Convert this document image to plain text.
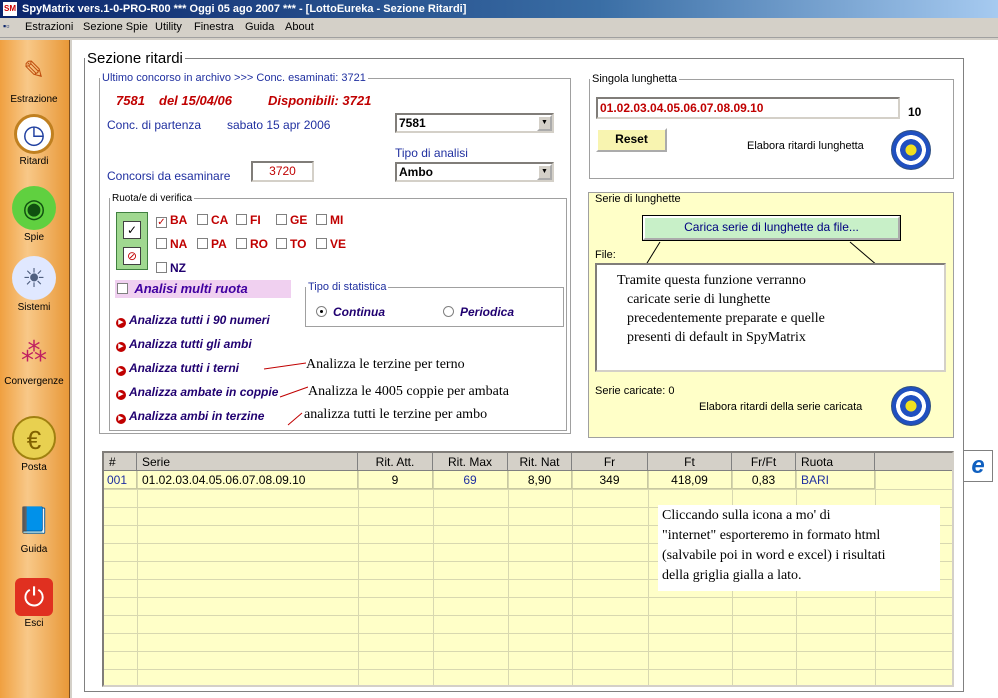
SM SpyMatrix vers.1-0-PRO-R00 *** Oggi 05 ago 2007 *** - [LottoEureka - Sezione Ritardi]
▪▫	Estrazioni Sezione Spie Utility Finestra Guida About
✎
Estrazione
◷
Ritardi
◉
Spie
☀
Sistemi
⁂
Convergenze
€
Posta
📘
Guida
⏻
Esci
Sezione ritardi
Ultimo concorso in archivo >>> Conc. esaminati: 3721
7581 del 15/04/06	Disponibili: 3721
Conc. di partenza sabato 15 apr 2006	7581	▼
Tipo di analisi
Concorsi da esaminare	3720	Ambo	▼
Ruota/e di verifica
✓
⊘
✓ BA	CA	FI	GE	MI
NA	PA	RO	TO	VE
NZ
Analisi multi ruota	Tipo di statistica
Continua	Periodica
▶ Analizza tutti i 90 numeri
▶ Analizza tutti gli ambi
▶ Analizza tutti i terni
▶ Analizza ambate in coppie
▶ Analizza ambi in terzine
Analizza le terzine per terno
Analizza le 4005 coppie per ambata
analizza tutti le terzine per ambo
Singola lunghetta
01.02.03.04.05.06.07.08.09.10	10
Reset	Elabora ritardi lunghetta
Serie di lunghette
Carica serie di lunghette da file...
File:
Tramite questa funzione verranno
caricate serie di lunghette
precedentemente preparate e quelle
presenti di default in SpyMatrix
Serie caricate: 0
Elabora ritardi della serie caricata
e
#	Serie	Rit. Att.	Rit. Max	Rit. Nat	Fr	Ft	Fr/Ft	Ruota
001	01.02.03.04.05.06.07.08.09.10	9	69	8,90	349	418,09	0,83	BARI
Cliccando sulla icona a mo' di
"internet" esporteremo in formato html
(salvabile poi in word e excel) i risultati
della griglia gialla a lato.
